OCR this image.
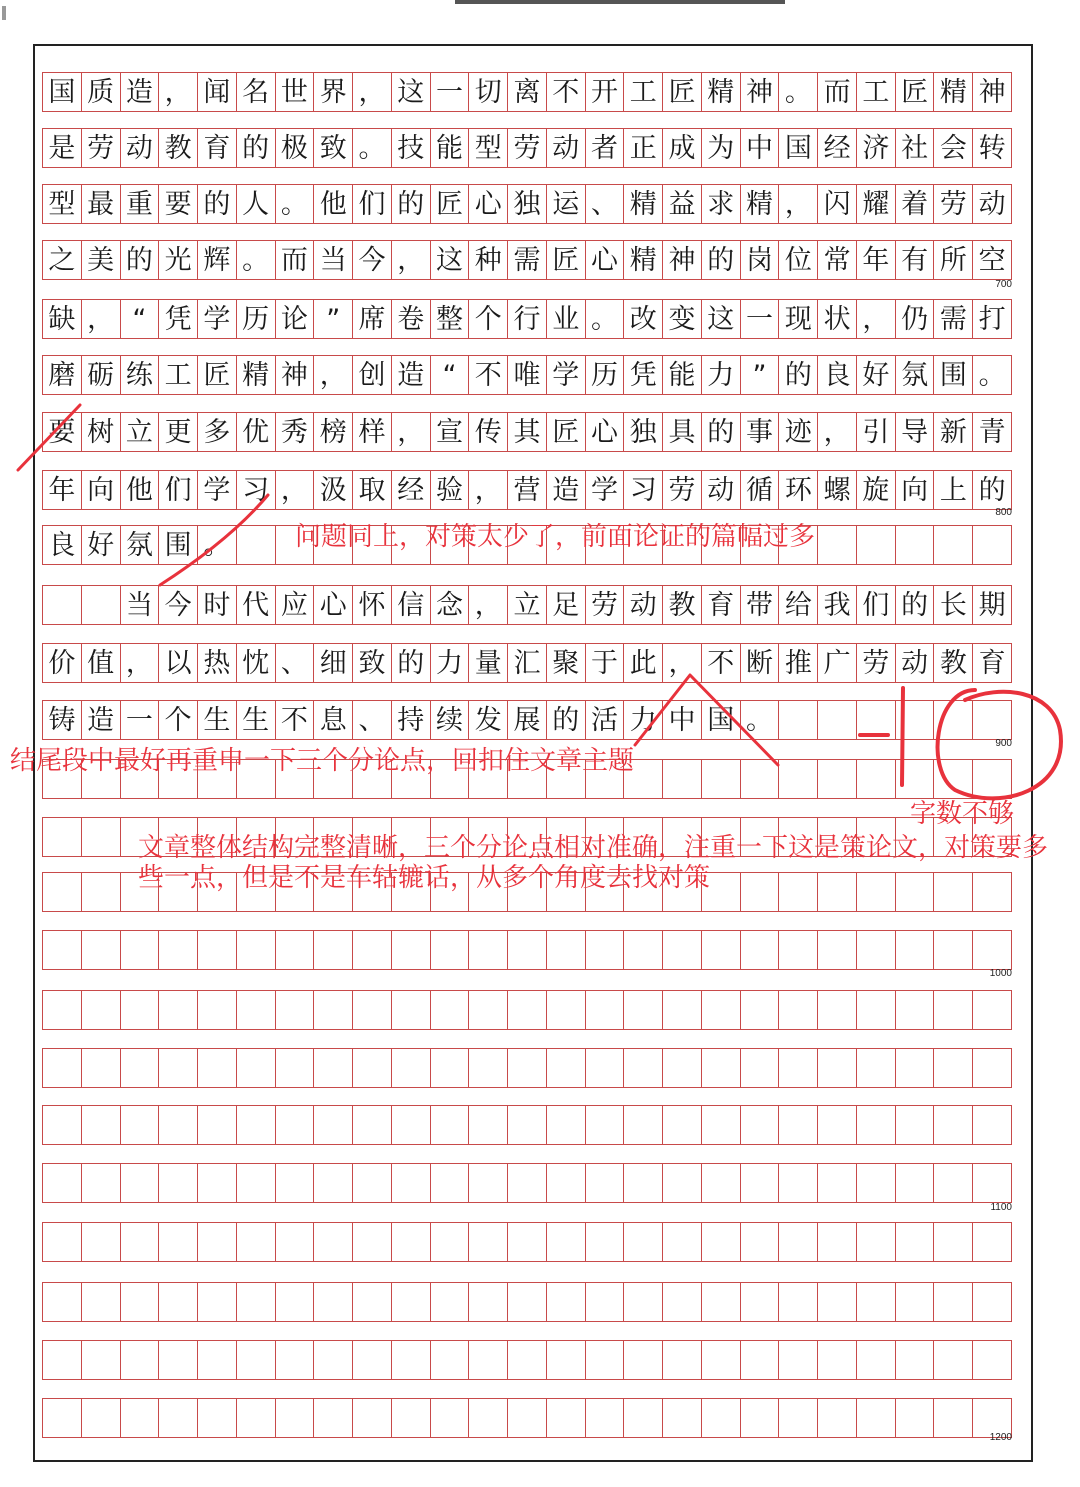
国 质 造 ， 闻 名 世 界 ， 这 一 切 离 不 开 工 匠 精 神 。 而 工 匠 精 神
是 劳 动 教 育 的 极 致 。 技 能 型 劳 动 者 正 成 为 中 国 经 济 社 会 转
型 最 重 要 的 人 。 他 们 的 匠 心 独 运 、 精 益 求 精 ， 闪 耀 着 劳 动
之 美 的 光 辉 。 而 当 今 ， 这 种 需 匠 心 精 神 的 岗 位 常 年 有 所 空
缺 ， “ 凭 学 历 论 ” 席 卷 整 个 行 业 。 改 变 这 一 现 状 ， 仍 需 打
磨 砺 练 工 匠 精 神 ， 创 造 “ 不 唯 学 历 凭 能 力 ” 的 良 好 氛 围 。
要 树 立 更 多 优 秀 榜 样 ， 宣 传 其 匠 心 独 具 的 事 迹 ， 引 导 新 青
年 向 他 们 学 习 ， 汲 取 经 验 ， 营 造 学 习 劳 动 循 环 螺 旋 向 上 的
良 好 氛 围 。
当 今 时 代 应 心 怀 信 念 ， 立 足 劳 动 教 育 带 给 我 们 的 长 期
价 值 ， 以 热 忱 、 细 致 的 力 量 汇 聚 于 此 ， 不 断 推 广 劳 动 教 育
铸 造 一 个 生 生 不 息 、 持 续 发 展 的 活 力 中 国 。
700
800
900
1000
1100
1200
问题同上，对策太少了，前面论证的篇幅过多
结尾段中最好再重申一下三个分论点，回扣住文章主题
字数不够
文章整体结构完整清晰，三个分论点相对准确，注重一下这是策论文，对策要多些一点，但是不是车轱辘话，从多个角度去找对策
